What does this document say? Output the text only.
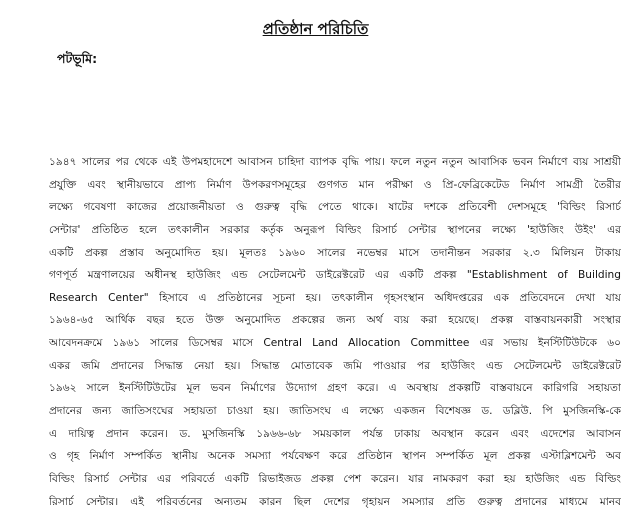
প্রতিষ্ঠান পরিচিতি
পটভূমি:
১৯৪৭ সালের পর থেকে এই উপমহাদেশে আবাসন চাহিদা ব্যাপক বৃদ্ধি পায়। ফলে নতুন নতুন আবাসিক ভবন নির্মাণে ব্যয় সাশ্রয়ী
প্রযুক্তি এবং স্থানীয়ভাবে প্রাপ্য নির্মাণ উপকরণসমূহের গুণগত মান পরীক্ষা ও প্রি-ফেব্রিকেটেড নির্মাণ সামগ্রী তৈরীর
লক্ষ্যে গবেষণা কাজের প্রয়োজনীয়তা ও গুরুত্ব বৃদ্ধি পেতে থাকে। ষাটের দশকে প্রতিবেশী দেশসমূহে 'বিল্ডিং রিসার্চ
সেন্টার' প্রতিষ্ঠিত হলে তৎকালীন সরকার কর্তৃক অনুরূপ বিল্ডিং রিসার্চ সেন্টার স্থাপনের লক্ষ্যে 'হাউজিং উইং' এর
একটি প্রকল্প প্রস্তাব অনুমোদিত হয়। মূলতঃ ১৯৬০ সালের নভেম্বর মাসে তদানীন্তন সরকার ২.৩ মিলিয়ন টাকায়
গণপূর্ত মন্ত্রণালয়ের অধীনস্থ হাউজিং এন্ড সেটেলমেন্ট ডাইরেক্টরেট এর একটি প্রকল্প "Establishment of Building
Research Center" হিসাবে এ প্রতিষ্ঠানের সূচনা হয়। তৎকালীন গৃহসংস্থান অধিদপ্তরের এক প্রতিবেদনে দেখা যায়
১৯৬৪-৬৫ আর্থিক বছর হতে উক্ত অনুমোদিত প্রকল্পের জন্য অর্থ ব্যয় করা হয়েছে। প্রকল্প বাস্তবায়নকারী সংস্থার
আবেদনক্রমে ১৯৬১ সালের ডিসেম্বর মাসে Central Land Allocation Committee এর সভায় ইনস্টিটিউটকে ৬০
একর জমি প্রদানের সিদ্ধান্ত নেয়া হয়। সিদ্ধান্ত মোতাবেক জমি পাওয়ার পর হাউজিং এন্ড সেটেলমেন্ট ডাইরেক্টরেট
১৯৬২ সালে ইনস্টিটিউটের মূল ভবন নির্মাণের উদ্যোগ গ্রহণ করে। এ অবস্থায় প্রকল্পটি বাস্তবায়নে কারিগরি সহায়তা
প্রদানের জন্য জাতিসংঘের সহায়তা চাওয়া হয়। জাতিসংঘ এ লক্ষ্যে একজন বিশেষজ্ঞ ড. ডব্লিউ. পি মুসজিনস্কি-কে
এ দায়িত্ব প্রদান করেন। ড. মুসজিনস্কি ১৯৬৬-৬৮ সময়কাল পর্যন্ত ঢাকায় অবস্থান করেন এবং এদেশের আবাসন
ও গৃহ নির্মাণ সম্পর্কিত স্থানীয় অনেক সমস্যা পর্যবেক্ষণ করে প্রতিষ্ঠান স্থাপন সম্পর্কিত মূল প্রকল্প এস্টাব্লিশমেন্ট অব
বিল্ডিং রিসার্চ সেন্টার এর পরিবর্তে একটি রিভাইজড প্রকল্প পেশ করেন। যার নামকরণ করা হয় হাউজিং এন্ড বিল্ডিং
রিসার্চ সেন্টার। এই পরিবর্তনের অন্যতম কারন ছিল দেশের গৃহায়ন সমস্যার প্রতি গুরুত্ব প্রদানের মাধ্যমে মানব
